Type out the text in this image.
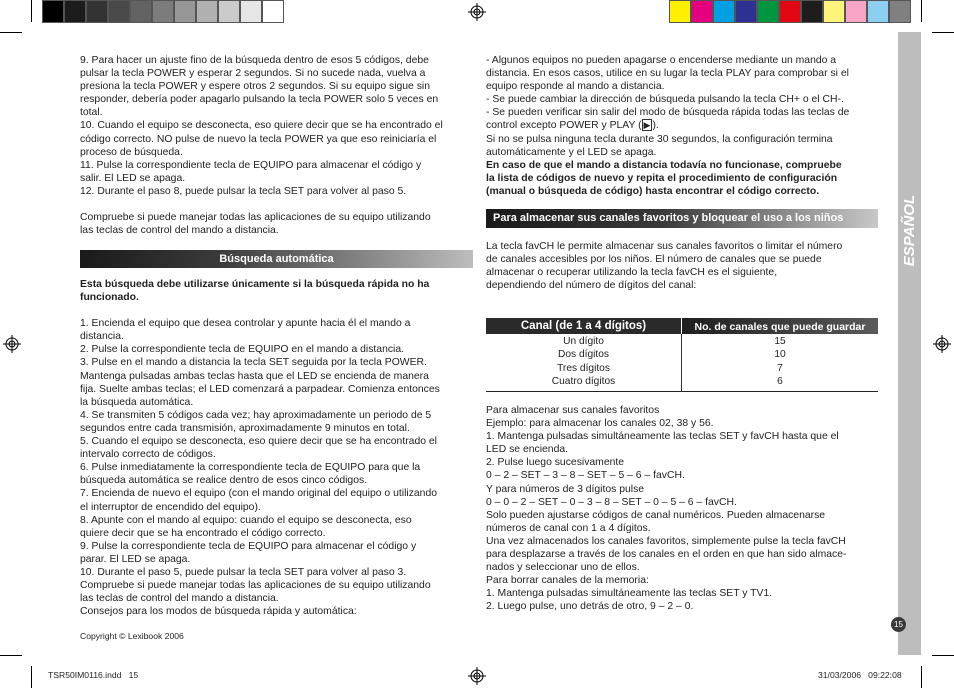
9. Para hacer un ajuste fino de la búsqueda dentro de esos 5 códigos, debe

pulsar la tecla POWER y esperar 2 segundos. Si no sucede nada, vuelva a

presiona la tecla POWER y espere otros 2 segundos. Si su equipo sigue sin

responder, debería poder apagarlo pulsando la tecla POWER solo 5 veces en

total.

10. Cuando el equipo se desconecta, eso quiere decir que se ha encontrado el

código correcto. NO pulse de nuevo la tecla POWER ya que eso reiniciaría el

proceso de búsqueda.

11. Pulse la correspondiente tecla de EQUIPO para almacenar el código y

salir. El LED se apaga.

12. Durante el paso 8, puede pulsar la tecla SET para volver al paso 5.

Compruebe si puede manejar todas las aplicaciones de su equipo utilizando

las teclas de control del mando a distancia.

Búsqueda automática

Esta búsqueda debe utilizarse únicamente si la búsqueda rápida no ha

funcionado.

1. Encienda el equipo que desea controlar y apunte hacia él el mando a

distancia.

2. Pulse la correspondiente tecla de EQUIPO en el mando a distancia.

3. Pulse en el mando a distancia la tecla SET seguida por la tecla POWER.

Mantenga pulsadas ambas teclas hasta que el LED se encienda de manera

fija. Suelte ambas teclas; el LED comenzará a parpadear. Comienza entonces

la búsqueda automática.

4. Se transmiten 5 códigos cada vez; hay aproximadamente un periodo de 5

segundos entre cada transmisión, aproximadamente 9 minutos en total.

5. Cuando el equipo se desconecta, eso quiere decir que se ha encontrado el

intervalo correcto de códigos.

6. Pulse inmediatamente la correspondiente tecla de EQUIPO para que la

búsqueda automática se realice dentro de esos cinco códigos.

7. Encienda de nuevo el equipo (con el mando original del equipo o utilizando

el interruptor de encendido del equipo).

8. Apunte con el mando al equipo: cuando el equipo se desconecta, eso

quiere decir que se ha encontrado el código correcto.

9. Pulse la correspondiente tecla de EQUIPO para almacenar el código y

parar. El LED se apaga.

10. Durante el paso 5, puede pulsar la tecla SET para volver al paso 3.

Compruebe si puede manejar todas las aplicaciones de su equipo utilizando

las teclas de control del mando a distancia.

Consejos para los modos de búsqueda rápida y automática:

Copyright © Lexibook 2006

- Algunos equipos no pueden apagarse o encenderse mediante un mando a

distancia. En esos casos, utilice en su lugar la tecla PLAY para comprobar si el

equipo responde al mando a distancia.

- Se puede cambiar la dirección de búsqueda pulsando la tecla CH+ o el CH-.

- Se pueden verificar sin salir del modo de búsqueda rápida todas las teclas de

control excepto POWER y PLAY ( ▶ ).

Si no se pulsa ninguna tecla durante 30 segundos, la configuración termina

automáticamente y el LED se apaga.

En caso de que el mando a distancia todavía no funcionase, compruebe

la lista de códigos de nuevo y repita el procedimiento de configuración

(manual o búsqueda de código) hasta encontrar el código correcto.

Para almacenar sus canales favoritos y bloquear el uso a los niños

La tecla favCH le permite almacenar sus canales favoritos o limitar el número

de canales accesibles por los niños. El número de canales que se puede

almacenar o recuperar utilizando la tecla favCH es el siguiente,

dependiendo del número de dígitos del canal:

Canal (de 1 a 4 dígitos)	No. de canales que puede guardar

Un dígito

Dos dígitos

Tres dígitos

Cuatro dígitos

15

10

7

6

Para almacenar sus canales favoritos

Ejemplo: para almacenar los canales 02, 38 y 56.

1. Mantenga pulsadas simultáneamente las teclas SET y favCH hasta que el

LED se encienda.

2. Pulse luego sucesivamente

0 – 2 – SET – 3 – 8 – SET – 5 – 6 – favCH.

Y para números de 3 dígitos pulse

0 – 0 – 2 – SET – 0 – 3 – 8 – SET – 0 – 5 – 6 – favCH.

Solo pueden ajustarse códigos de canal numéricos. Pueden almacenarse

números de canal con 1 a 4 dígitos.

Una vez almacenados los canales favoritos, simplemente pulse la tecla favCH

para desplazarse a través de los canales en el orden en que han sido almace-

nados y seleccionar uno de ellos.

Para borrar canales de la memoria:

1. Mantenga pulsadas simultáneamente las teclas SET y TV1.

2. Luego pulse, uno detrás de otro, 9 – 2 – 0.

ESPAÑOL
15
TSR50IM0116.indd   15	31/03/2006   09:22:08
